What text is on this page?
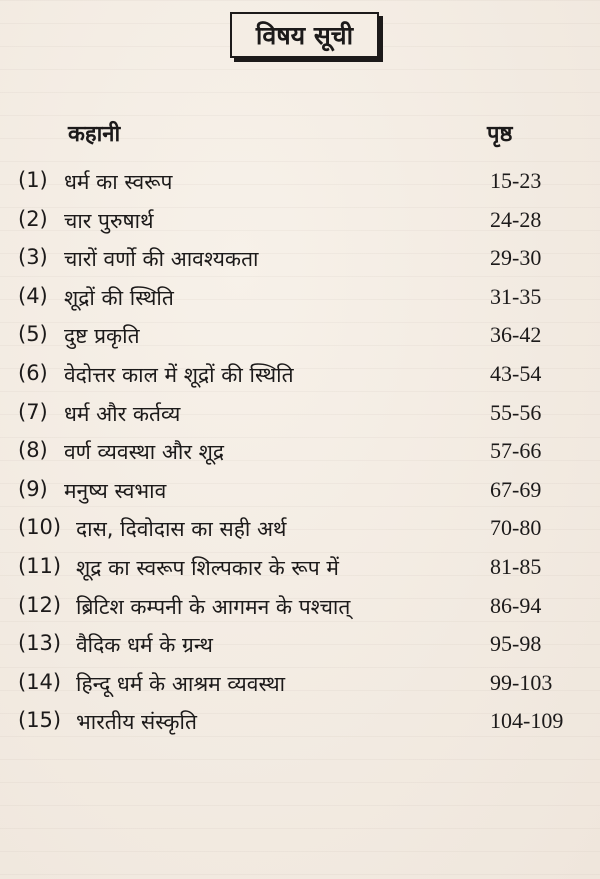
विषय सूची
कहानी	पृष्ठ
(1) धर्म का स्वरूप	15-23
(2) चार पुरुषार्थ	24-28
(3) चारों वर्णो की आवश्यकता	29-30
(4) शूद्रों की स्थिति	31-35
(5) दुष्ट प्रकृति	36-42
(6) वेदोत्तर काल में शूद्रों की स्थिति	43-54
(7) धर्म और कर्तव्य	55-56
(8) वर्ण व्यवस्था और शूद्र	57-66
(9) मनुष्य स्वभाव	67-69
(10) दास, दिवोदास का सही अर्थ	70-80
(11) शूद्र का स्वरूप शिल्पकार के रूप में	81-85
(12) ब्रिटिश कम्पनी के आगमन के पश्चात्	86-94
(13) वैदिक धर्म के ग्रन्थ	95-98
(14) हिन्दू धर्म के आश्रम व्यवस्था	99-103
(15) भारतीय संस्कृति	104-109
